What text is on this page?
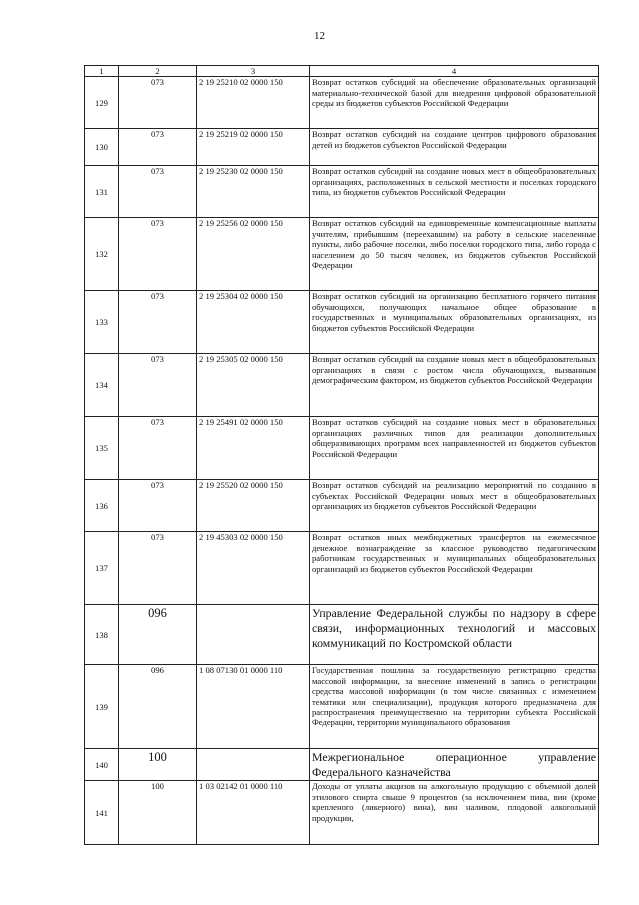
12
1	2	3	4
129	073	2 19 25210 02 0000 150	Возврат остатков субсидий на обеспечение образовательных организаций материально-технической базой для внедрения цифровой образовательной среды из бюджетов субъектов Российской Федерации
130	073	2 19 25219 02 0000 150	Возврат остатков субсидий на создание центров цифрового образования детей из бюджетов субъектов Российской Федерации
131	073	2 19 25230 02 0000 150	Возврат остатков субсидий на создание новых мест в общеобразовательных организациях, расположенных в сельской местности и поселках городского типа, из бюджетов субъектов Российской Федерации
132	073	2 19 25256 02 0000 150	Возврат остатков субсидий на единовременные компенсационные выплаты учителям, прибывшим (переехавшим) на работу в сельские населенные пункты, либо рабочие поселки, либо поселки городского типа, либо города с населением до 50 тысяч человек, из бюджетов субъектов Российской Федерации
133	073	2 19 25304 02 0000 150	Возврат остатков субсидий на организацию бесплатного горячего питания обучающихся, получающих начальное общее образование в государственных и муниципальных образовательных организациях, из бюджетов субъектов Российской Федерации
134	073	2 19 25305 02 0000 150	Возврат остатков субсидий на создание новых мест в общеобразовательных организациях в связи с ростом числа обучающихся, вызванным демографическим фактором, из бюджетов субъектов Российской Федерации
135	073	2 19 25491 02 0000 150	Возврат остатков субсидий на создание новых мест в образовательных организациях различных типов для реализации дополнительных общеразвивающих программ всех направленностей из бюджетов субъектов Российской Федерации
136	073	2 19 25520 02 0000 150	Возврат остатков субсидий на реализацию мероприятий по созданию в субъектах Российской Федерации новых мест в общеобразовательных организациях из бюджетов субъектов Российской Федерации
137	073	2 19 45303 02 0000 150	Возврат остатков иных межбюджетных трансфертов на ежемесячное денежное вознаграждение за классное руководство педагогическим работникам государственных и муниципальных общеобразовательных организаций из бюджетов субъектов Российской Федерации
138	096		Управление Федеральной службы по надзору в сфере связи, информационных технологий и массовых коммуникаций по Костромской области
139	096	1 08 07130 01 0000 110	Государственная пошлина за государственную регистрацию средства массовой информации, за внесение изменений в запись о регистрации средства массовой информации (в том числе связанных с изменением тематики или специализации), продукция которого предназначена для распространения преимущественно на территории субъекта Российской Федерации, территории муниципального образования
140	100		Межрегиональное операционное управление Федерального казначейства
141	100	1 03 02142 01 0000 110	Доходы от уплаты акцизов на алкогольную продукцию с объемной долей этилового спирта свыше 9 процентов (за исключением пива, вин (кроме крепленого (ликерного) вина), вин наливом, плодовой алкогольной продукции,
